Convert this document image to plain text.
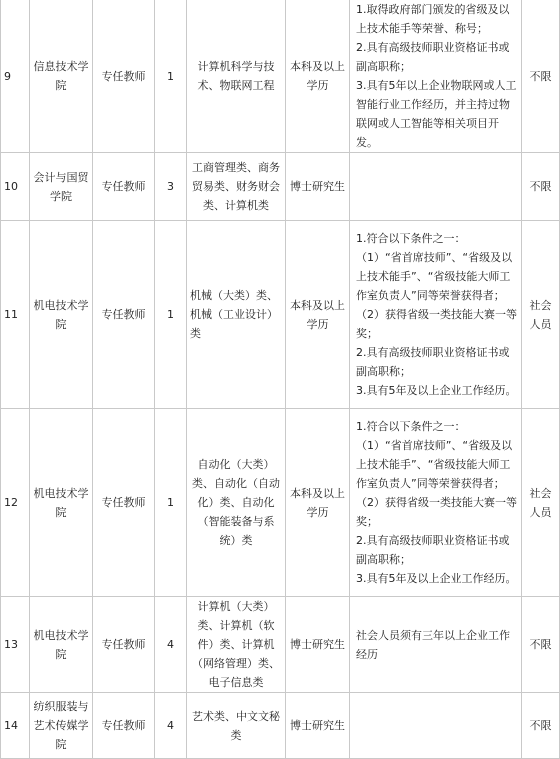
9	信息技术学院	专任教师	1	计算机科学与技术、物联网工程	本科及以上学历	1.取得政府部门颁发的省级及以上技术能手等荣誉、称号；
2.具有高级技师职业资格证书或副高职称；
3.具有5年以上企业物联网或人工智能行业工作经历，并主持过物联网或人工智能等相关项目开发。	不限
10	会计与国贸学院	专任教师	3	工商管理类、商务贸易类、财务财会类、计算机类	博士研究生		不限
11	机电技术学院	专任教师	1	机械（大类）类、机械（工业设计）类	本科及以上学历	1.符合以下条件之一：
（1）“省首席技师”、“省级及以上技术能手”、“省级技能大师工作室负责人”同等荣誉获得者；
（2）获得省级一类技能大赛一等奖；
2.具有高级技师职业资格证书或副高职称；
3.具有5年及以上企业工作经历。	社会人员
12	机电技术学院	专任教师	1	自动化（大类）类、自动化（自动化）类、自动化（智能装备与系统）类	本科及以上学历	1.符合以下条件之一：
（1）“省首席技师”、“省级及以上技术能手”、“省级技能大师工作室负责人”同等荣誉获得者；
（2）获得省级一类技能大赛一等奖；
2.具有高级技师职业资格证书或副高职称；
3.具有5年及以上企业工作经历。	社会人员
13	机电技术学院	专任教师	4	计算机（大类）类、计算机（软件）类、计算机（网络管理）类、电子信息类	博士研究生	社会人员须有三年以上企业工作经历	不限
14	纺织服装与艺术传媒学院	专任教师	4	艺术类、中文文秘类	博士研究生		不限
